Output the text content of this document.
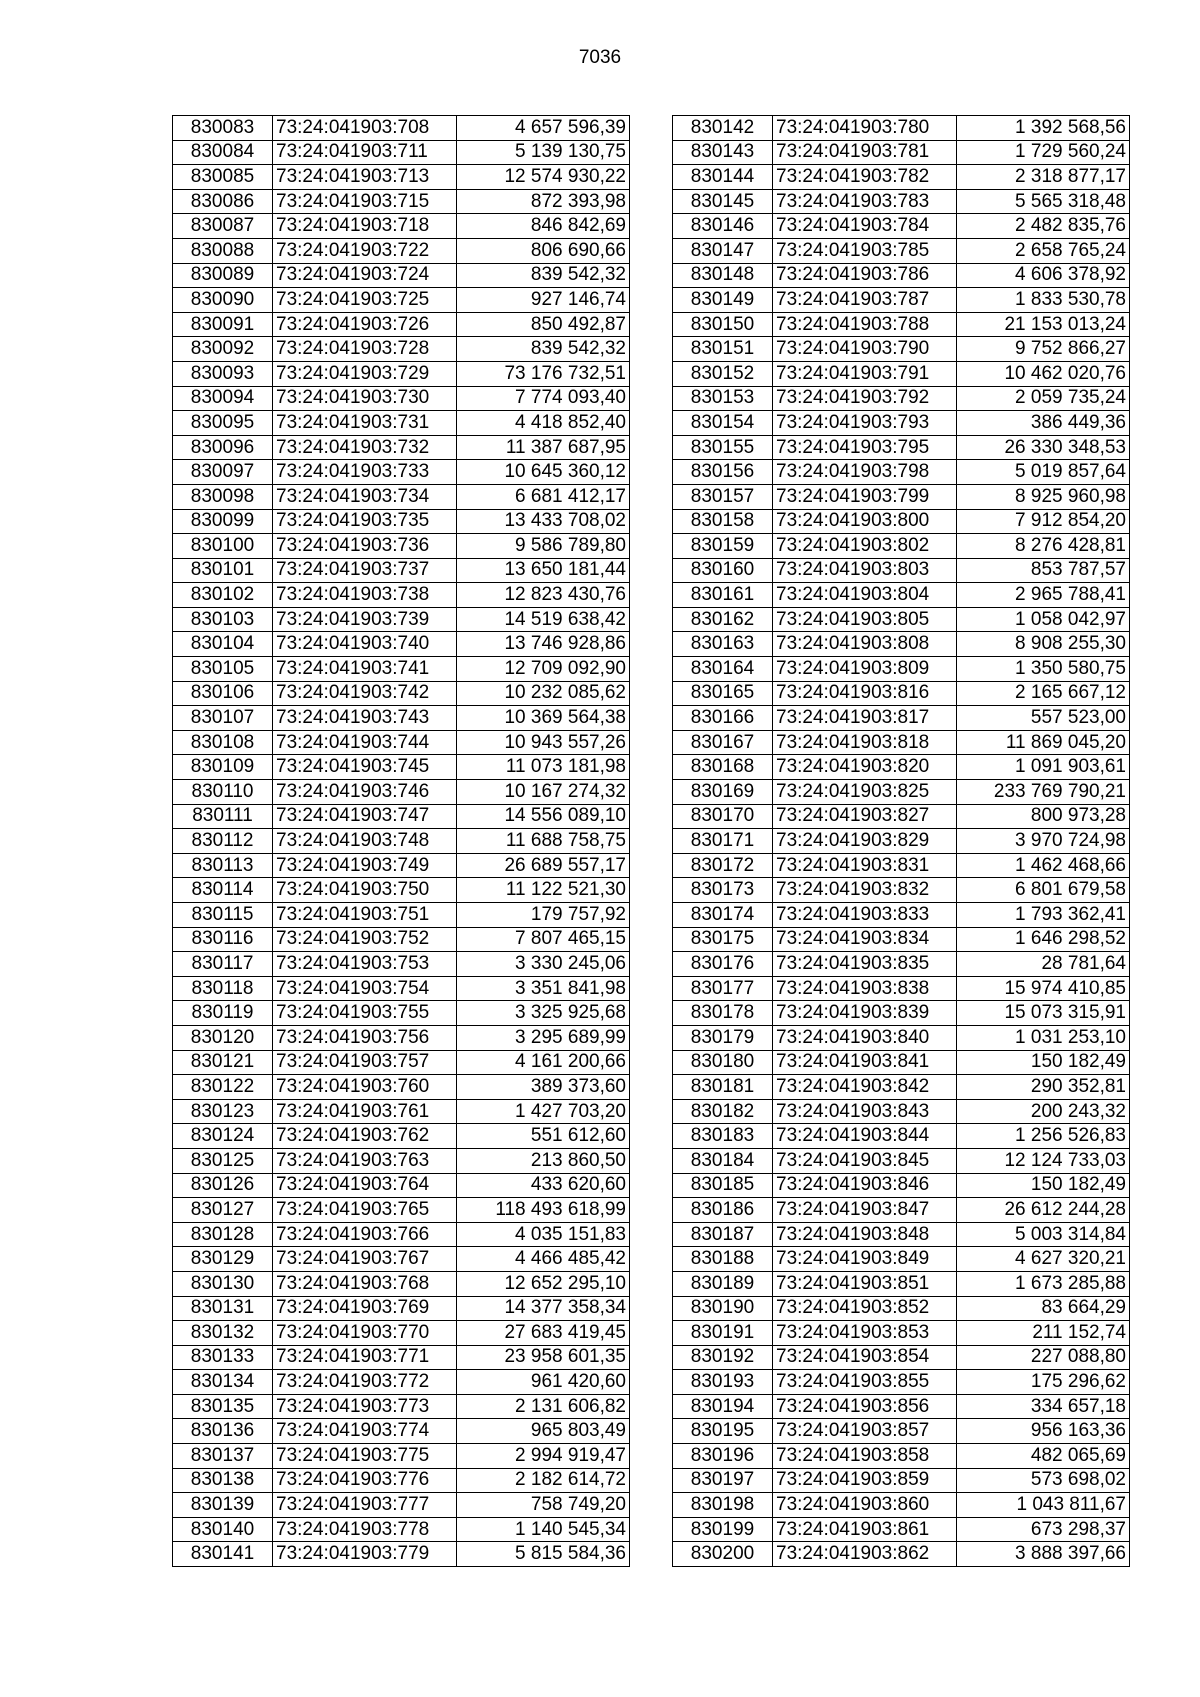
7036
830083	73:24:041903:708	4 657 596,39
830084	73:24:041903:711	5 139 130,75
830085	73:24:041903:713	12 574 930,22
830086	73:24:041903:715	872 393,98
830087	73:24:041903:718	846 842,69
830088	73:24:041903:722	806 690,66
830089	73:24:041903:724	839 542,32
830090	73:24:041903:725	927 146,74
830091	73:24:041903:726	850 492,87
830092	73:24:041903:728	839 542,32
830093	73:24:041903:729	73 176 732,51
830094	73:24:041903:730	7 774 093,40
830095	73:24:041903:731	4 418 852,40
830096	73:24:041903:732	11 387 687,95
830097	73:24:041903:733	10 645 360,12
830098	73:24:041903:734	6 681 412,17
830099	73:24:041903:735	13 433 708,02
830100	73:24:041903:736	9 586 789,80
830101	73:24:041903:737	13 650 181,44
830102	73:24:041903:738	12 823 430,76
830103	73:24:041903:739	14 519 638,42
830104	73:24:041903:740	13 746 928,86
830105	73:24:041903:741	12 709 092,90
830106	73:24:041903:742	10 232 085,62
830107	73:24:041903:743	10 369 564,38
830108	73:24:041903:744	10 943 557,26
830109	73:24:041903:745	11 073 181,98
830110	73:24:041903:746	10 167 274,32
830111	73:24:041903:747	14 556 089,10
830112	73:24:041903:748	11 688 758,75
830113	73:24:041903:749	26 689 557,17
830114	73:24:041903:750	11 122 521,30
830115	73:24:041903:751	179 757,92
830116	73:24:041903:752	7 807 465,15
830117	73:24:041903:753	3 330 245,06
830118	73:24:041903:754	3 351 841,98
830119	73:24:041903:755	3 325 925,68
830120	73:24:041903:756	3 295 689,99
830121	73:24:041903:757	4 161 200,66
830122	73:24:041903:760	389 373,60
830123	73:24:041903:761	1 427 703,20
830124	73:24:041903:762	551 612,60
830125	73:24:041903:763	213 860,50
830126	73:24:041903:764	433 620,60
830127	73:24:041903:765	118 493 618,99
830128	73:24:041903:766	4 035 151,83
830129	73:24:041903:767	4 466 485,42
830130	73:24:041903:768	12 652 295,10
830131	73:24:041903:769	14 377 358,34
830132	73:24:041903:770	27 683 419,45
830133	73:24:041903:771	23 958 601,35
830134	73:24:041903:772	961 420,60
830135	73:24:041903:773	2 131 606,82
830136	73:24:041903:774	965 803,49
830137	73:24:041903:775	2 994 919,47
830138	73:24:041903:776	2 182 614,72
830139	73:24:041903:777	758 749,20
830140	73:24:041903:778	1 140 545,34
830141	73:24:041903:779	5 815 584,36
830142	73:24:041903:780	1 392 568,56
830143	73:24:041903:781	1 729 560,24
830144	73:24:041903:782	2 318 877,17
830145	73:24:041903:783	5 565 318,48
830146	73:24:041903:784	2 482 835,76
830147	73:24:041903:785	2 658 765,24
830148	73:24:041903:786	4 606 378,92
830149	73:24:041903:787	1 833 530,78
830150	73:24:041903:788	21 153 013,24
830151	73:24:041903:790	9 752 866,27
830152	73:24:041903:791	10 462 020,76
830153	73:24:041903:792	2 059 735,24
830154	73:24:041903:793	386 449,36
830155	73:24:041903:795	26 330 348,53
830156	73:24:041903:798	5 019 857,64
830157	73:24:041903:799	8 925 960,98
830158	73:24:041903:800	7 912 854,20
830159	73:24:041903:802	8 276 428,81
830160	73:24:041903:803	853 787,57
830161	73:24:041903:804	2 965 788,41
830162	73:24:041903:805	1 058 042,97
830163	73:24:041903:808	8 908 255,30
830164	73:24:041903:809	1 350 580,75
830165	73:24:041903:816	2 165 667,12
830166	73:24:041903:817	557 523,00
830167	73:24:041903:818	11 869 045,20
830168	73:24:041903:820	1 091 903,61
830169	73:24:041903:825	233 769 790,21
830170	73:24:041903:827	800 973,28
830171	73:24:041903:829	3 970 724,98
830172	73:24:041903:831	1 462 468,66
830173	73:24:041903:832	6 801 679,58
830174	73:24:041903:833	1 793 362,41
830175	73:24:041903:834	1 646 298,52
830176	73:24:041903:835	28 781,64
830177	73:24:041903:838	15 974 410,85
830178	73:24:041903:839	15 073 315,91
830179	73:24:041903:840	1 031 253,10
830180	73:24:041903:841	150 182,49
830181	73:24:041903:842	290 352,81
830182	73:24:041903:843	200 243,32
830183	73:24:041903:844	1 256 526,83
830184	73:24:041903:845	12 124 733,03
830185	73:24:041903:846	150 182,49
830186	73:24:041903:847	26 612 244,28
830187	73:24:041903:848	5 003 314,84
830188	73:24:041903:849	4 627 320,21
830189	73:24:041903:851	1 673 285,88
830190	73:24:041903:852	83 664,29
830191	73:24:041903:853	211 152,74
830192	73:24:041903:854	227 088,80
830193	73:24:041903:855	175 296,62
830194	73:24:041903:856	334 657,18
830195	73:24:041903:857	956 163,36
830196	73:24:041903:858	482 065,69
830197	73:24:041903:859	573 698,02
830198	73:24:041903:860	1 043 811,67
830199	73:24:041903:861	673 298,37
830200	73:24:041903:862	3 888 397,66
